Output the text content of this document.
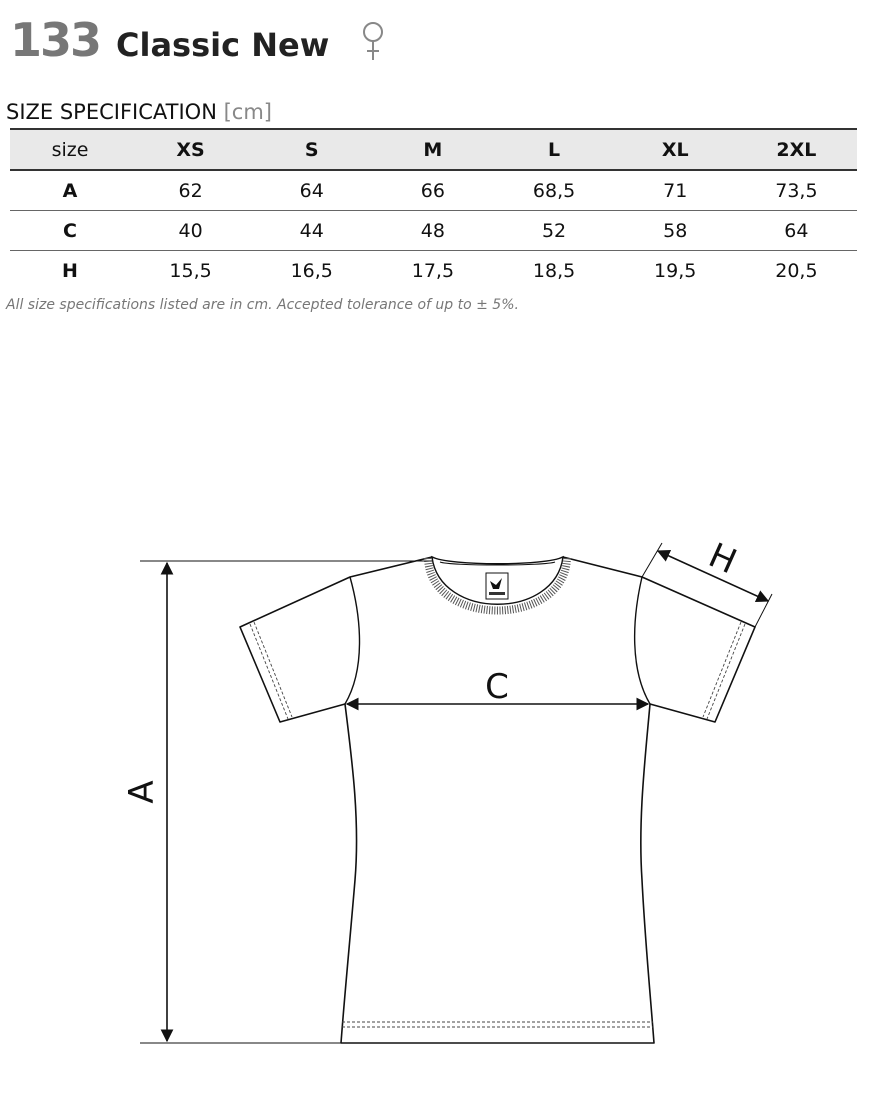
133 Classic New
SIZE SPECIFICATION [cm]
size	XS	S	M	L	XL	2XL
A	62	64	66	68,5	71	73,5
C	40	44	48	52	58	64
H	15,5	16,5	17,5	18,5	19,5	20,5
All size specifications listed are in cm. Accepted tolerance of up to ± 5%.
A
C
H
